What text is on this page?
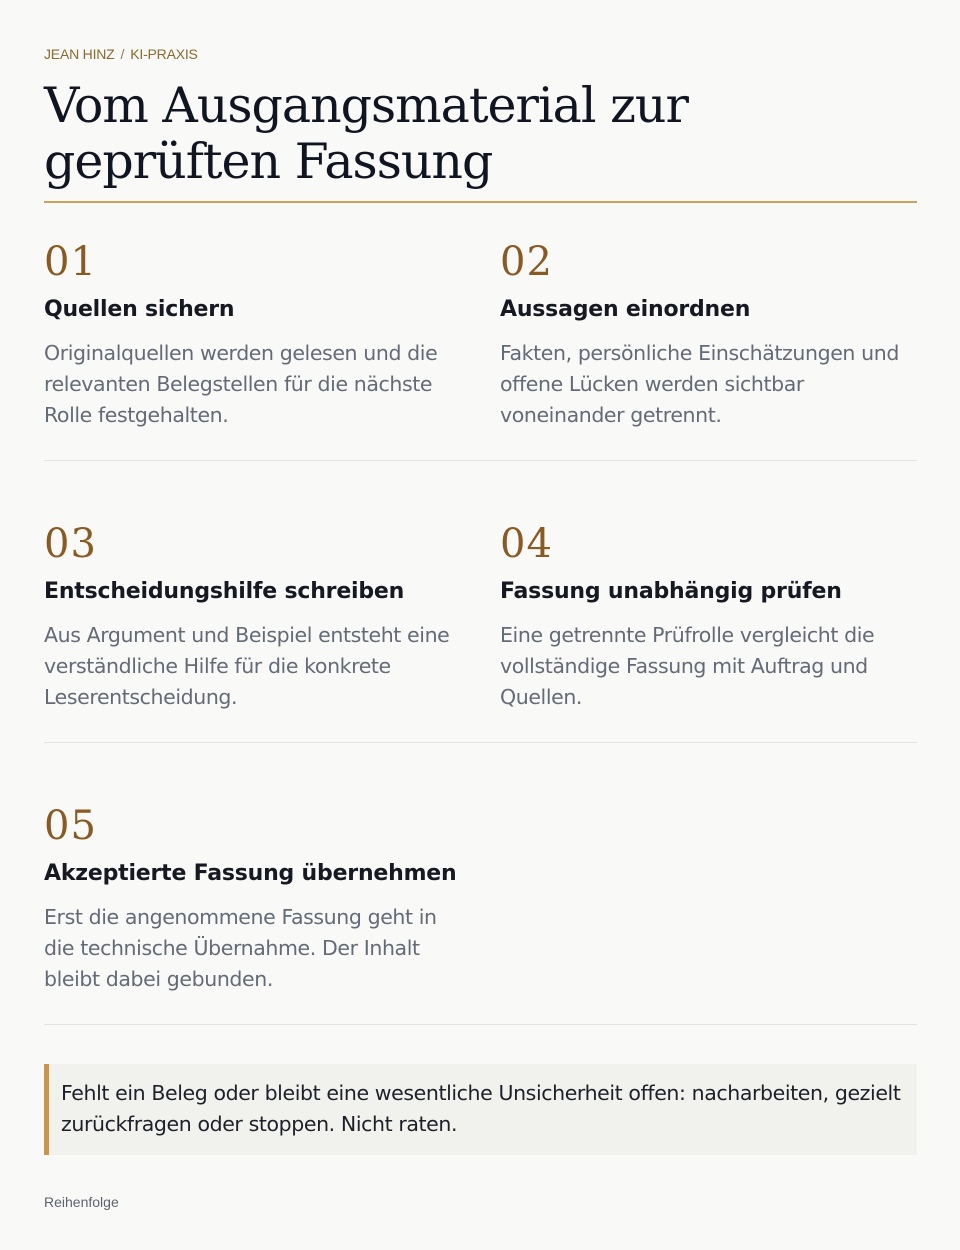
JEAN HINZ / KI-PRAXIS
Vom Ausgangsmaterial zur geprüften Fassung
01
Quellen sichern
Originalquellen werden gelesen und die relevanten Belegstellen für die nächste Rolle festgehalten.
02
Aussagen einordnen
Fakten, persönliche Einschätzungen und offene Lücken werden sichtbar voneinander getrennt.
03
Entscheidungshilfe schreiben
Aus Argument und Beispiel entsteht eine verständliche Hilfe für die konkrete Leserentscheidung.
04
Fassung unabhängig prüfen
Eine getrennte Prüfrolle vergleicht die vollständige Fassung mit Auftrag und Quellen.
05
Akzeptierte Fassung übernehmen
Erst die angenommene Fassung geht in die technische Übernahme. Der Inhalt bleibt dabei gebunden.
Fehlt ein Beleg oder bleibt eine wesentliche Unsicherheit offen: nacharbeiten, gezielt zurückfragen oder stoppen. Nicht raten.
Reihenfolge
